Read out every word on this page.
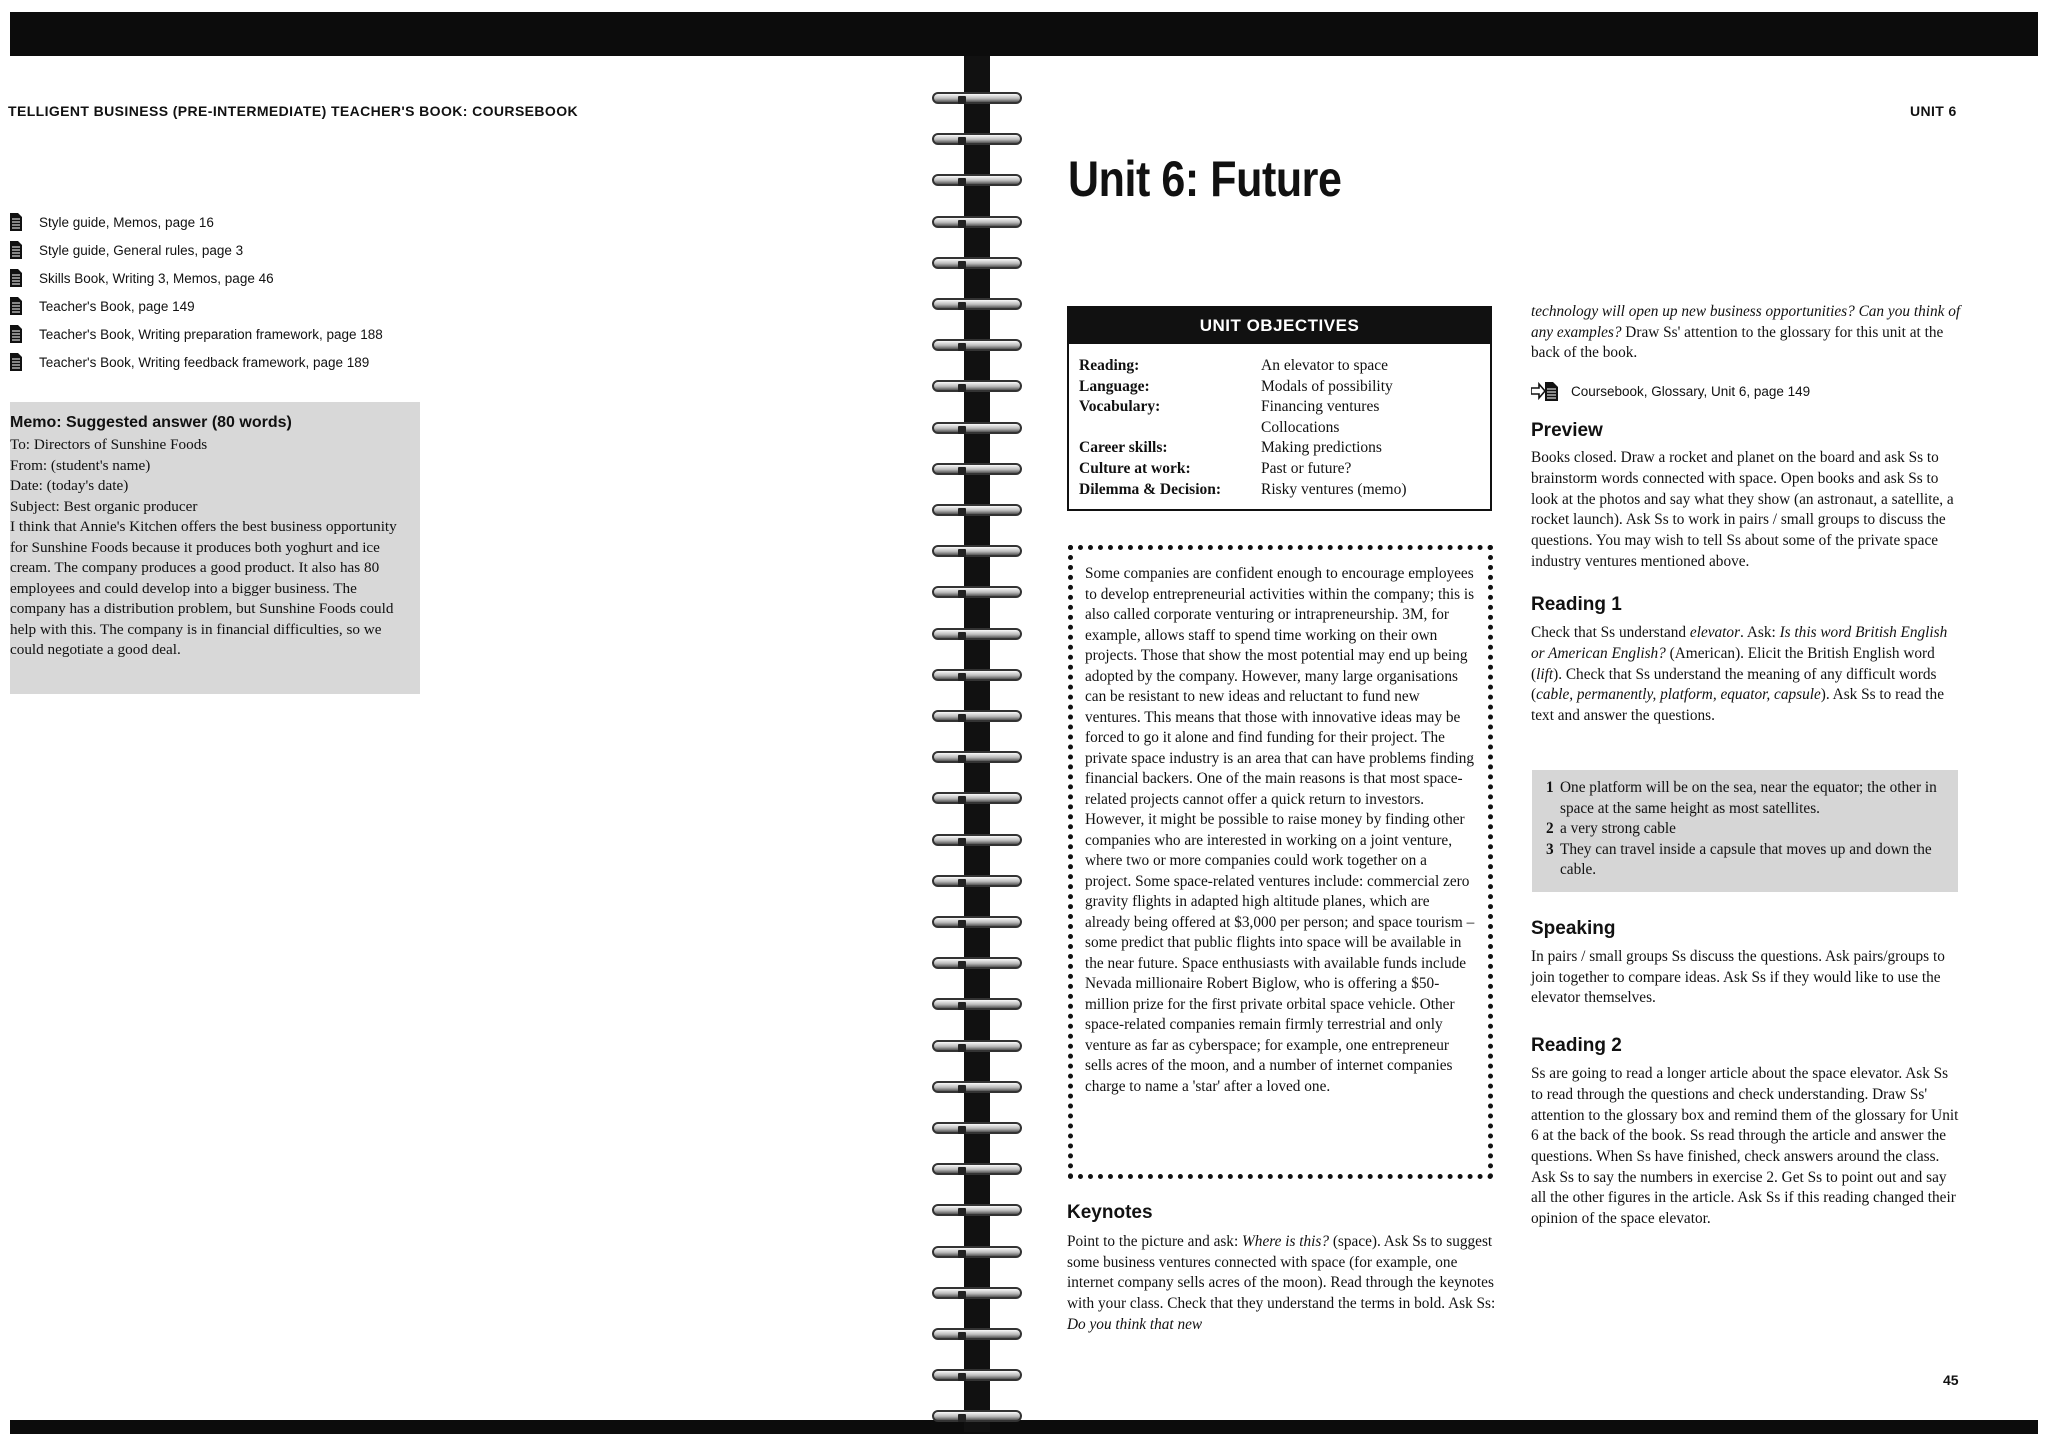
TELLIGENT BUSINESS (PRE-INTERMEDIATE) TEACHER'S BOOK: COURSEBOOK
Style guide, Memos, page 16
Style guide, General rules, page 3
Skills Book, Writing 3, Memos, page 46
Teacher's Book, page 149
Teacher's Book, Writing preparation framework, page 188
Teacher's Book, Writing feedback framework, page 189
Memo: Suggested answer (80 words)
To: Directors of Sunshine Foods
From: (student's name)
Date: (today's date)
Subject: Best organic producer
I think that Annie's Kitchen offers the best business opportunity for Sunshine Foods because it produces both yoghurt and ice cream. The company produces a good product. It also has 80 employees and could develop into a bigger business. The company has a distribution problem, but Sunshine Foods could help with this. The company is in financial difficulties, so we could negotiate a good deal.
UNIT 6
Unit 6: Future
UNIT OBJECTIVES
Reading:	An elevator to space
Language:	Modals of possibility
Vocabulary:	Financing ventures
Collocations
Career skills:	Making predictions
Culture at work:	Past or future?
Dilemma & Decision:	Risky ventures (memo)
Some companies are confident enough to encourage employees to develop entrepreneurial activities within the company; this is also called corporate venturing or intrapreneurship. 3M, for example, allows staff to spend time working on their own projects. Those that show the most potential may end up being adopted by the company. However, many large organisations can be resistant to new ideas and reluctant to fund new ventures. This means that those with innovative ideas may be forced to go it alone and find funding for their project. The private space industry is an area that can have problems finding financial backers. One of the main reasons is that most space-related projects cannot offer a quick return to investors. However, it might be possible to raise money by finding other companies who are interested in working on a joint venture, where two or more companies could work together on a project. Some space-related ventures include: commercial zero gravity flights in adapted high altitude planes, which are already being offered at $3,000 per person; and space tourism – some predict that public flights into space will be available in the near future. Space enthusiasts with available funds include Nevada millionaire Robert Biglow, who is offering a $50-million prize for the first private orbital space vehicle. Other space-related companies remain firmly terrestrial and only venture as far as cyberspace; for example, one entrepreneur sells acres of the moon, and a number of internet companies charge to name a 'star' after a loved one.
Keynotes
Point to the picture and ask: Where is this? (space). Ask Ss to suggest some business ventures connected with space (for example, one internet company sells acres of the moon). Read through the keynotes with your class. Check that they understand the terms in bold. Ask Ss: Do you think that new
technology will open up new business opportunities? Can you think of any examples? Draw Ss' attention to the glossary for this unit at the back of the book.
Coursebook, Glossary, Unit 6, page 149
Preview
Books closed. Draw a rocket and planet on the board and ask Ss to brainstorm words connected with space. Open books and ask Ss to look at the photos and say what they show (an astronaut, a satellite, a rocket launch). Ask Ss to work in pairs / small groups to discuss the questions. You may wish to tell Ss about some of the private space industry ventures mentioned above.
Reading 1
Check that Ss understand elevator. Ask: Is this word British English or American English? (American). Elicit the British English word (lift). Check that Ss understand the meaning of any difficult words (cable, permanently, platform, equator, capsule). Ask Ss to read the text and answer the questions.
1 One platform will be on the sea, near the equator; the other in space at the same height as most satellites.
2 a very strong cable
3 They can travel inside a capsule that moves up and down the cable.
Speaking
In pairs / small groups Ss discuss the questions. Ask pairs/groups to join together to compare ideas. Ask Ss if they would like to use the elevator themselves.
Reading 2
Ss are going to read a longer article about the space elevator. Ask Ss to read through the questions and check understanding. Draw Ss' attention to the glossary box and remind them of the glossary for Unit 6 at the back of the book. Ss read through the article and answer the questions. When Ss have finished, check answers around the class. Ask Ss to say the numbers in exercise 2. Get Ss to point out and say all the other figures in the article. Ask Ss if this reading changed their opinion of the space elevator.
45
